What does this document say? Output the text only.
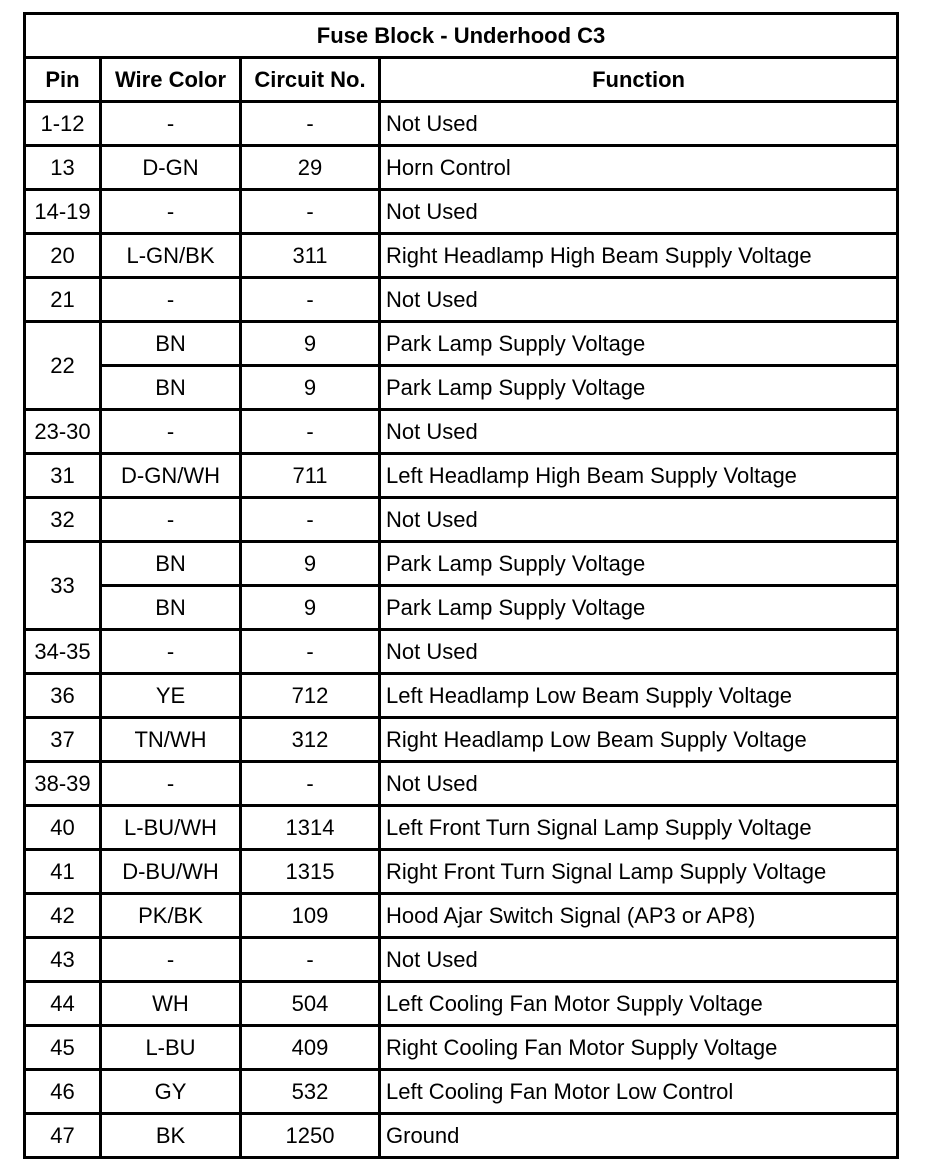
Fuse Block - Underhood C3			
Pin	Wire Color	Circuit No.	Function
1-12	-	-	Not Used
13	D-GN	29	Horn Control
14-19	-	-	Not Used
20	L-GN/BK	311	Right Headlamp High Beam Supply Voltage
21	-	-	Not Used
22	BN	9	Park Lamp Supply Voltage
	BN	9	Park Lamp Supply Voltage
23-30	-	-	Not Used
31	D-GN/WH	711	Left Headlamp High Beam Supply Voltage
32	-	-	Not Used
33	BN	9	Park Lamp Supply Voltage
	BN	9	Park Lamp Supply Voltage
34-35	-	-	Not Used
36	YE	712	Left Headlamp Low Beam Supply Voltage
37	TN/WH	312	Right Headlamp Low Beam Supply Voltage
38-39	-	-	Not Used
40	L-BU/WH	1314	Left Front Turn Signal Lamp Supply Voltage
41	D-BU/WH	1315	Right Front Turn Signal Lamp Supply Voltage
42	PK/BK	109	Hood Ajar Switch Signal (AP3 or AP8)
43	-	-	Not Used
44	WH	504	Left Cooling Fan Motor Supply Voltage
45	L-BU	409	Right Cooling Fan Motor Supply Voltage
46	GY	532	Left Cooling Fan Motor Low Control
47	BK	1250	Ground
